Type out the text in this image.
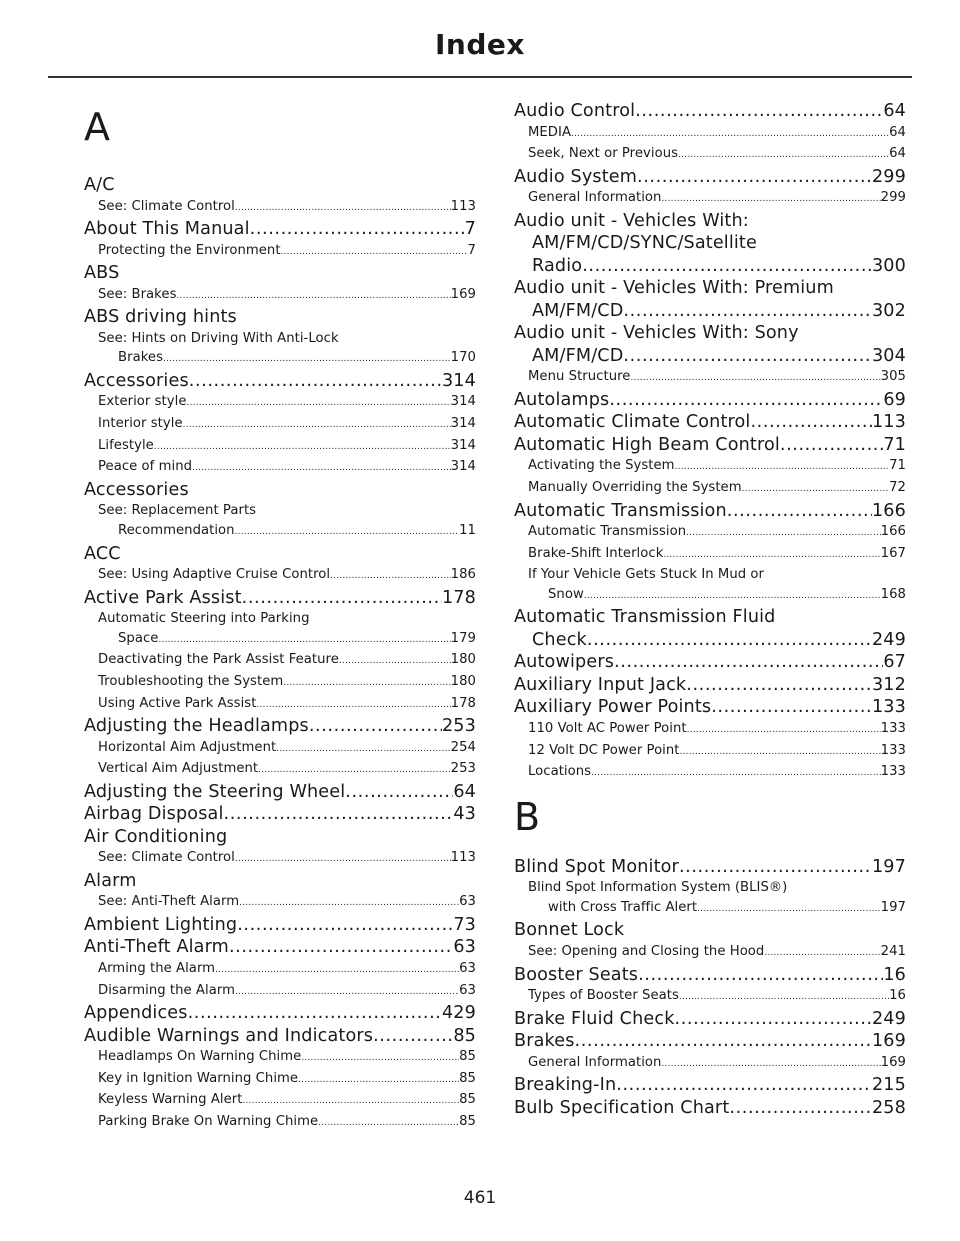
Index
A
A/C
See: Climate Control .....	113
About This Manual .....	7
Protecting the Environment .....	7
ABS
See: Brakes .....	169
ABS driving hints
See: Hints on Driving With Anti-Lock
Brakes .....	170
Accessories .....	314
Exterior style .....	314
Interior style .....	314
Lifestyle .....	314
Peace of mind .....	314
Accessories
See: Replacement Parts
Recommendation .....	11
ACC
See: Using Adaptive Cruise Control .....	186
Active Park Assist .....	178
Automatic Steering into Parking
Space .....	179
Deactivating the Park Assist Feature .....	180
Troubleshooting the System .....	180
Using Active Park Assist .....	178
Adjusting the Headlamps .....	253
Horizontal Aim Adjustment .....	254
Vertical Aim Adjustment .....	253
Adjusting the Steering Wheel .....	64
Airbag Disposal .....	43
Air Conditioning
See: Climate Control .....	113
Alarm
See: Anti-Theft Alarm .....	63
Ambient Lighting .....	73
Anti-Theft Alarm .....	63
Arming the Alarm .....	63
Disarming the Alarm .....	63
Appendices .....	429
Audible Warnings and Indicators .....	85
Headlamps On Warning Chime .....	85
Key in Ignition Warning Chime .....	85
Keyless Warning Alert .....	85
Parking Brake On Warning Chime .....	85
Audio Control .....	64
MEDIA .....	64
Seek, Next or Previous .....	64
Audio System .....	299
General Information .....	299
Audio unit - Vehicles With:
AM/FM/CD/SYNC/Satellite
Radio .....	300
Audio unit - Vehicles With: Premium
AM/FM/CD .....	302
Audio unit - Vehicles With: Sony
AM/FM/CD .....	304
Menu Structure .....	305
Autolamps .....	69
Automatic Climate Control .....	113
Automatic High Beam Control .....	71
Activating the System .....	71
Manually Overriding the System .....	72
Automatic Transmission .....	166
Automatic Transmission .....	166
Brake-Shift Interlock .....	167
If Your Vehicle Gets Stuck In Mud or
Snow .....	168
Automatic Transmission Fluid
Check .....	249
Autowipers .....	67
Auxiliary Input Jack .....	312
Auxiliary Power Points .....	133
110 Volt AC Power Point .....	133
12 Volt DC Power Point .....	133
Locations .....	133
B
Blind Spot Monitor .....	197
Blind Spot Information System (BLIS®)
with Cross Traffic Alert .....	197
Bonnet Lock
See: Opening and Closing the Hood .....	241
Booster Seats .....	16
Types of Booster Seats .....	16
Brake Fluid Check .....	249
Brakes .....	169
General Information .....	169
Breaking-In .....	215
Bulb Specification Chart .....	258
461
